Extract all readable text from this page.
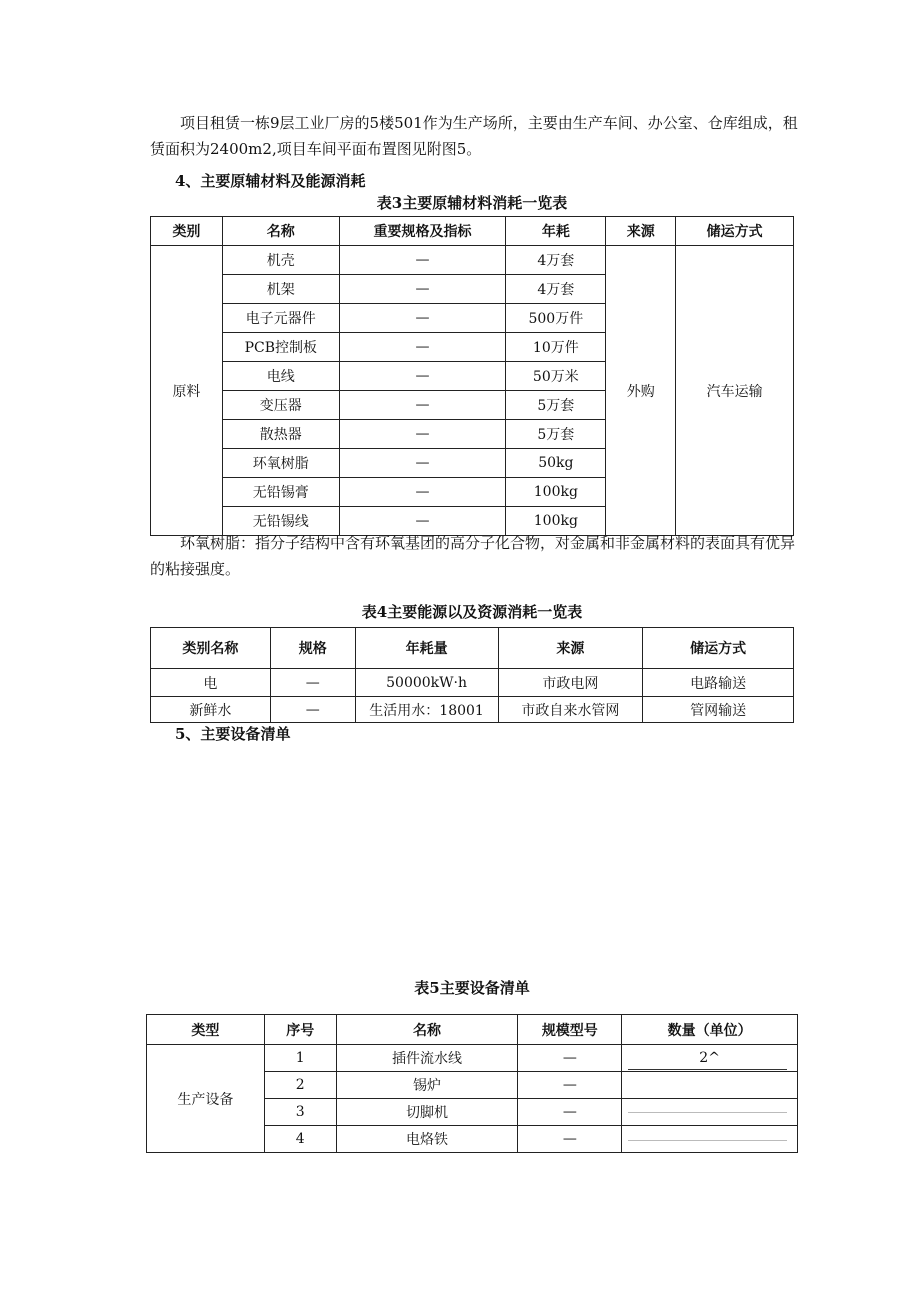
项目租赁一栋9层工业厂房的5楼501作为生产场所，主要由生产车间、办公室、仓库组成，租赁面积为2400m2,项目车间平面布置图见附图5。

4、主要原辅材料及能源消耗

表3主要原辅材料消耗一览表

类别	名称	重要规格及指标	年耗	来源	储运方式
原料	机壳	—	4万套	外购	汽车运输
	机架	—	4万套		
	电子元器件	—	500万件		
	PCB控制板	—	10万件		
	电线	—	50万米		
	变压器	—	5万套		
	散热器	—	5万套		
	环氧树脂	—	50kg		
	无铅锡膏	—	100kg		
	无铅锡线	—	100kg		

环氧树脂：指分子结构中含有环氧基团的高分子化合物，对金属和非金属材料的表面具有优异的粘接强度。

表4主要能源以及资源消耗一览表

类别名称	规格	年耗量	来源	储运方式
电	—	50000kW·h	市政电网	电路输送
新鲜水	—	生活用水：18001	市政自来水管网	管网输送

5、主要设备清单

表5主要设备清单

类型	序号	名称	规模型号	数量（单位）
生产设备	1	插件流水线	—	2^

	2	锡炉	—	
	3	切脚机	—	

	4	电烙铁	—	
